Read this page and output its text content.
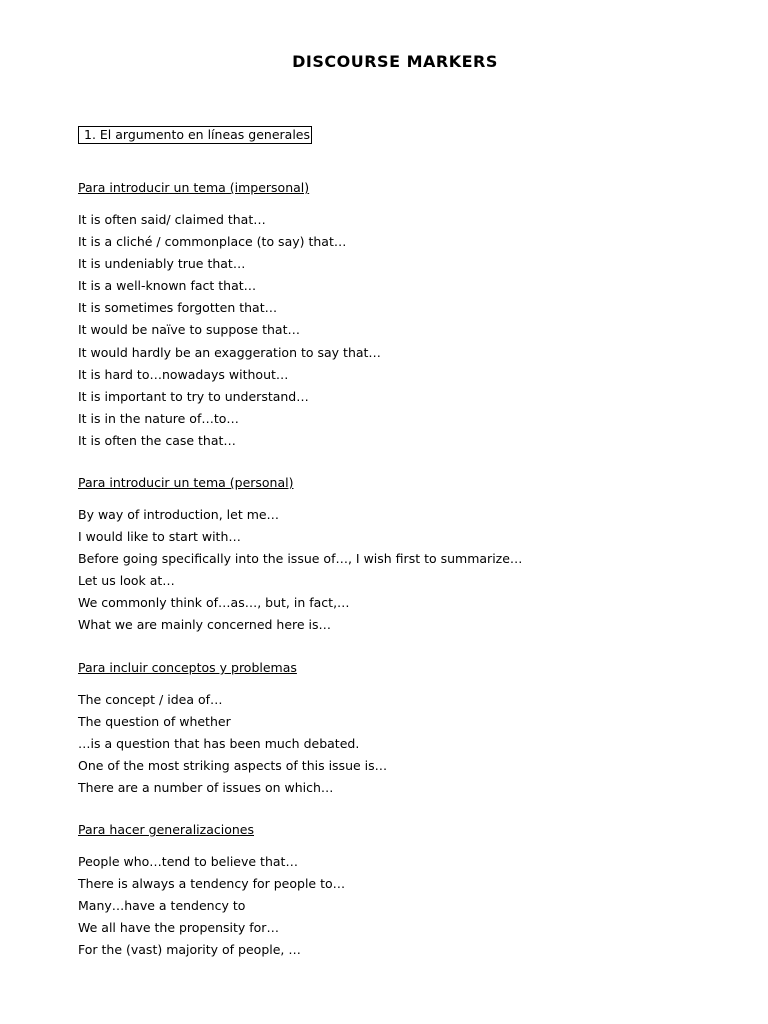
DISCOURSE MARKERS
1. El argumento en líneas generales
Para introducir un tema (impersonal)
It is often said/ claimed that…
It is a cliché / commonplace (to say) that…
It is undeniably true that…
It is a well-known fact that…
It is sometimes forgotten that…
It would be naïve to suppose that…
It would hardly be an exaggeration to say that…
It is hard to…nowadays without…
It is important to try to understand…
It is in the nature of…to…
It is often the case that…
Para introducir un tema (personal)
By way of introduction, let me…
I would like to start with…
Before going specifically into the issue of…, I wish first to summarize…
Let us look at…
We commonly think of…as…, but, in fact,…
What we are mainly concerned here is…
Para incluir conceptos y problemas
The concept / idea of…
The question of whether
…is a question that has been much debated.
One of the most striking aspects of this issue is…
There are a number of issues on which…
Para hacer generalizaciones
People who…tend to believe that…
There is always a tendency for people to…
Many…have a tendency to
We all have the propensity for…
For the (vast) majority of people, …
